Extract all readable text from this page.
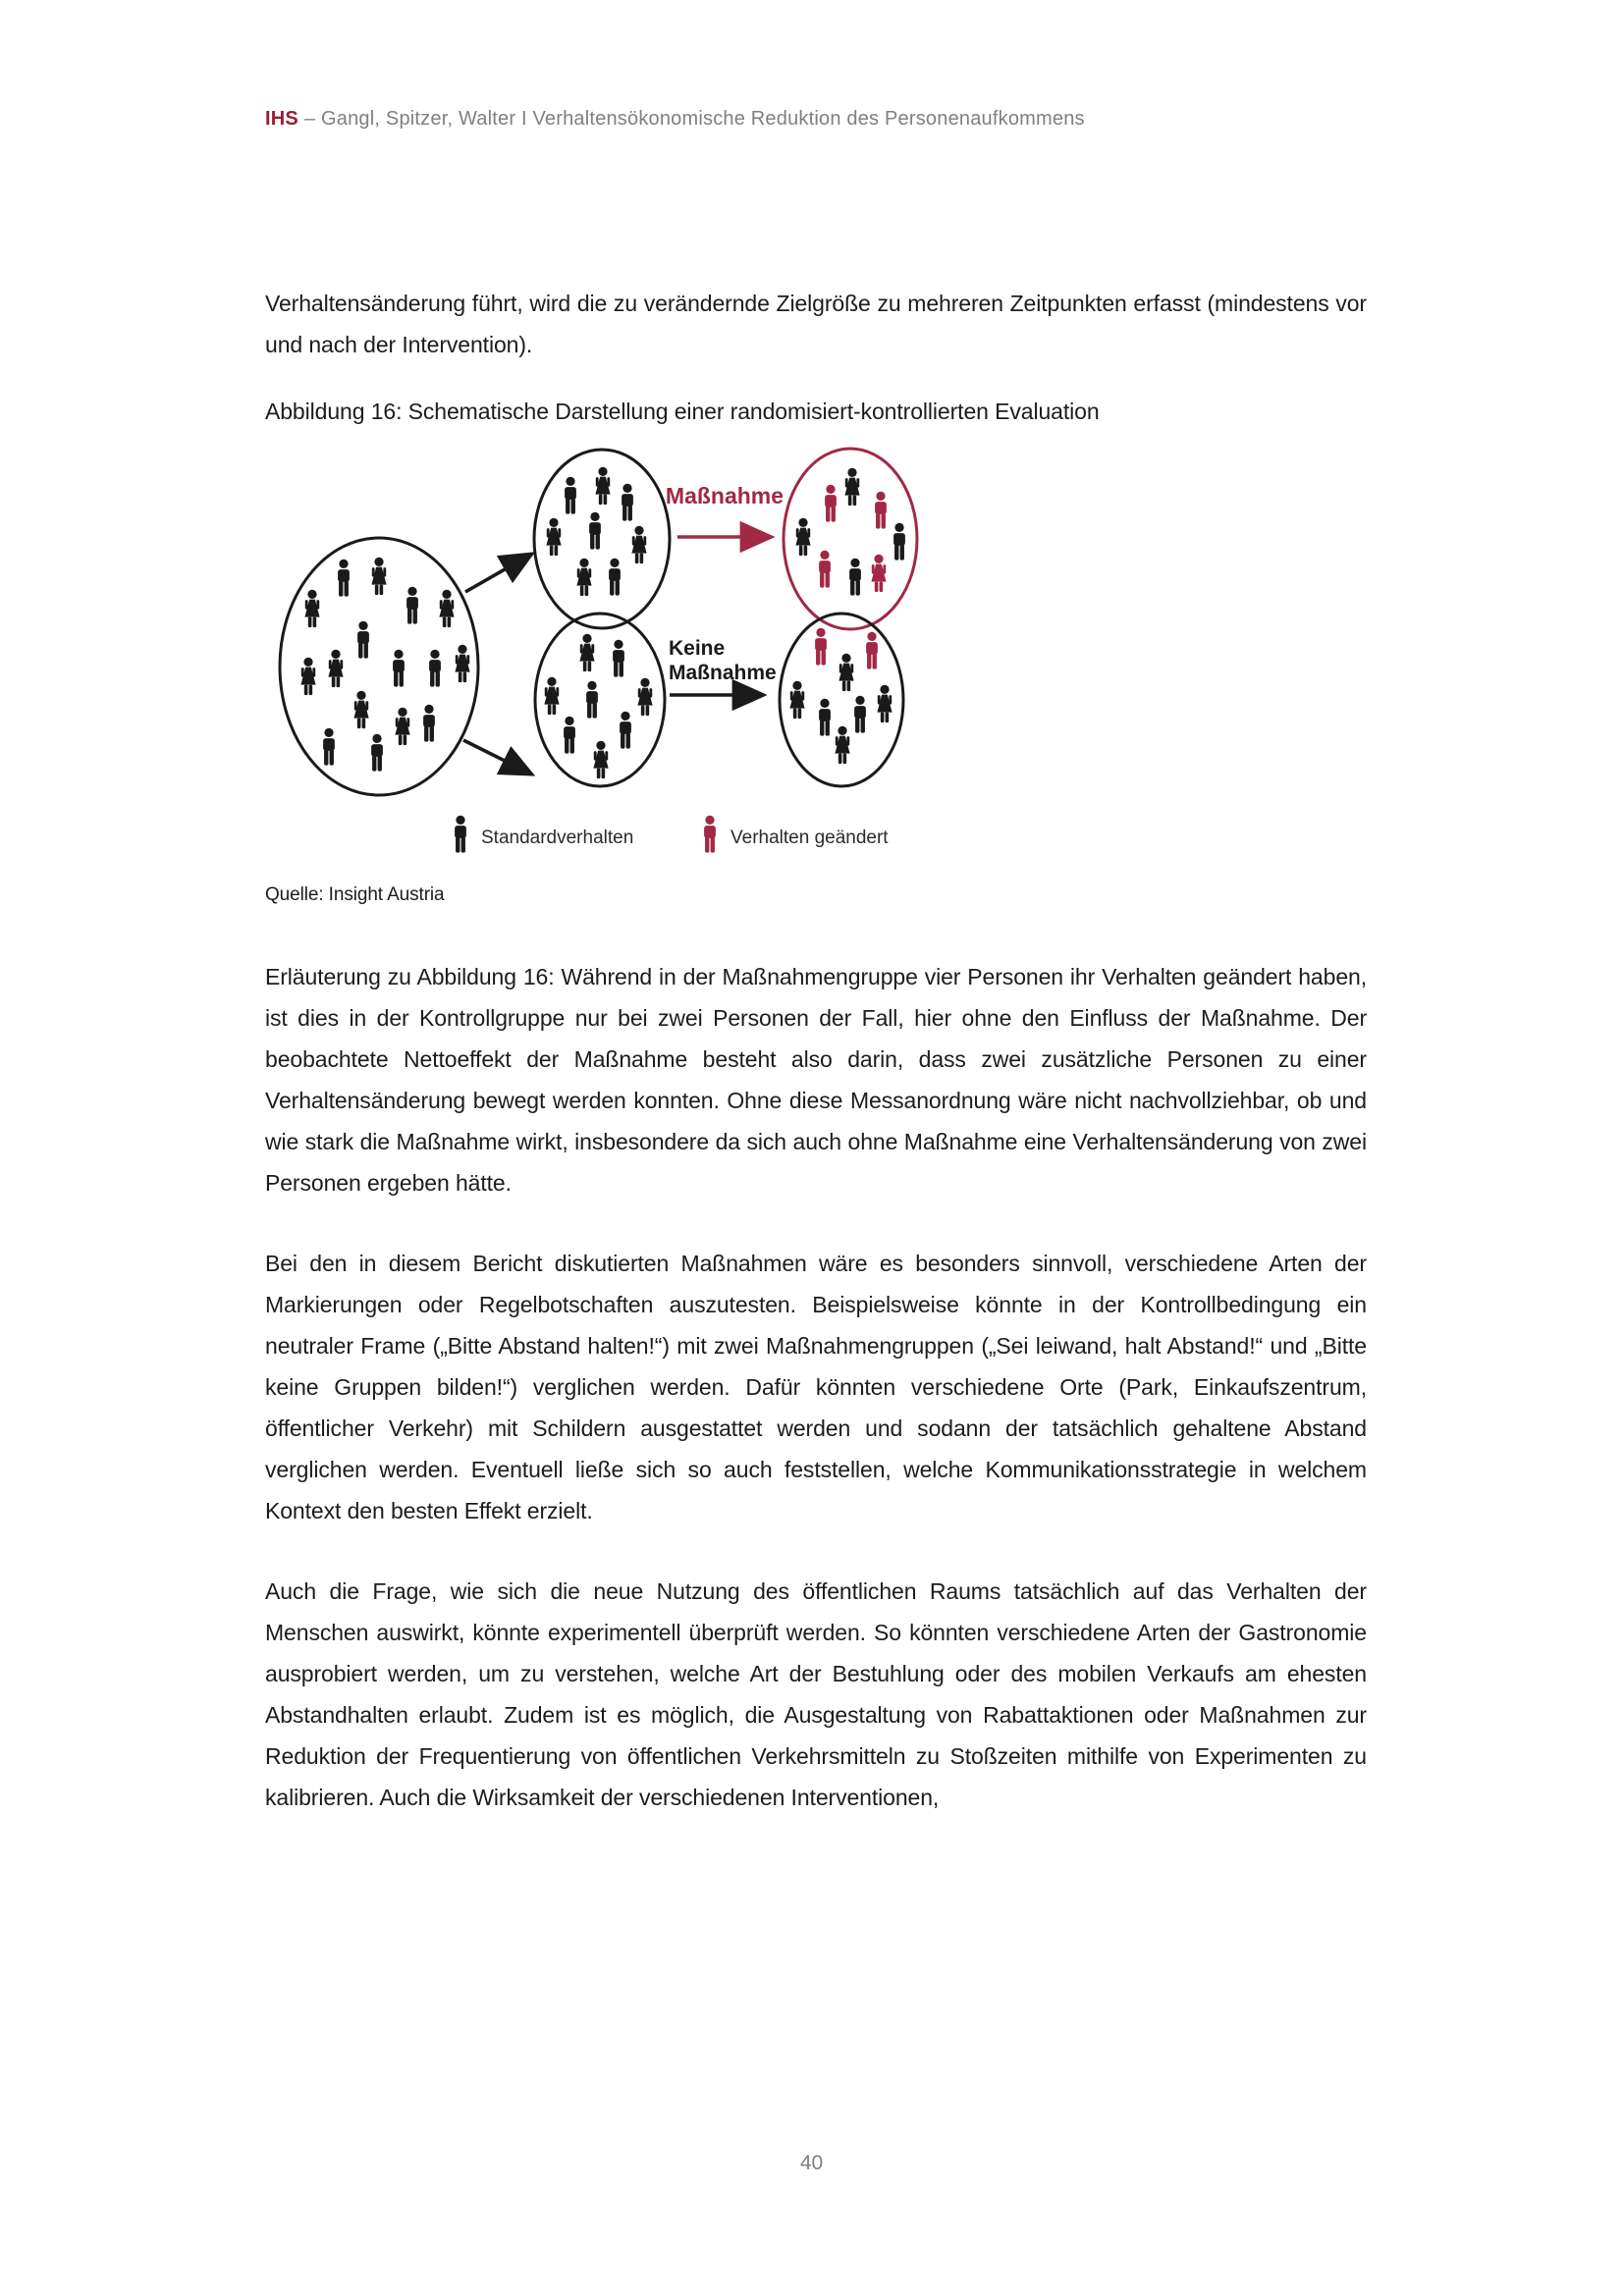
IHS – Gangl, Spitzer, Walter I Verhaltensökonomische Reduktion des Personenaufkommens

Verhaltensänderung führt, wird die zu verändernde Zielgröße zu mehreren Zeitpunkten erfasst (mindestens vor und nach der Intervention).

Abbildung 16: Schematische Darstellung einer randomisiert-kontrollierten Evaluation

Maßnahme
Keine
Maßnahme
Standardverhalten	Verhalten geändert

Quelle: Insight Austria

Erläuterung zu Abbildung 16: Während in der Maßnahmengruppe vier Personen ihr Verhalten geändert haben, ist dies in der Kontrollgruppe nur bei zwei Personen der Fall, hier ohne den Einfluss der Maßnahme. Der beobachtete Nettoeffekt der Maßnahme besteht also darin, dass zwei zusätzliche Personen zu einer Verhaltensänderung bewegt werden konnten. Ohne diese Messanordnung wäre nicht nachvollziehbar, ob und wie stark die Maßnahme wirkt, insbesondere da sich auch ohne Maßnahme eine Verhaltensänderung von zwei Personen ergeben hätte.

Bei den in diesem Bericht diskutierten Maßnahmen wäre es besonders sinnvoll, verschiedene Arten der Markierungen oder Regelbotschaften auszutesten. Beispielsweise könnte in der Kontrollbedingung ein neutraler Frame („Bitte Abstand halten!“) mit zwei Maßnahmengruppen („Sei leiwand, halt Abstand!“ und „Bitte keine Gruppen bilden!“) verglichen werden. Dafür könnten verschiedene Orte (Park, Einkaufszentrum, öffentlicher Verkehr) mit Schildern ausgestattet werden und sodann der tatsächlich gehaltene Abstand verglichen werden. Eventuell ließe sich so auch feststellen, welche Kommunikationsstrategie in welchem Kontext den besten Effekt erzielt.

Auch die Frage, wie sich die neue Nutzung des öffentlichen Raums tatsächlich auf das Verhalten der Menschen auswirkt, könnte experimentell überprüft werden. So könnten verschiedene Arten der Gastronomie ausprobiert werden, um zu verstehen, welche Art der Bestuhlung oder des mobilen Verkaufs am ehesten Abstandhalten erlaubt. Zudem ist es möglich, die Ausgestaltung von Rabattaktionen oder Maßnahmen zur Reduktion der Frequentierung von öffentlichen Verkehrsmitteln zu Stoßzeiten mithilfe von Experimenten zu kalibrieren. Auch die Wirksamkeit der verschiedenen Interventionen,

40
